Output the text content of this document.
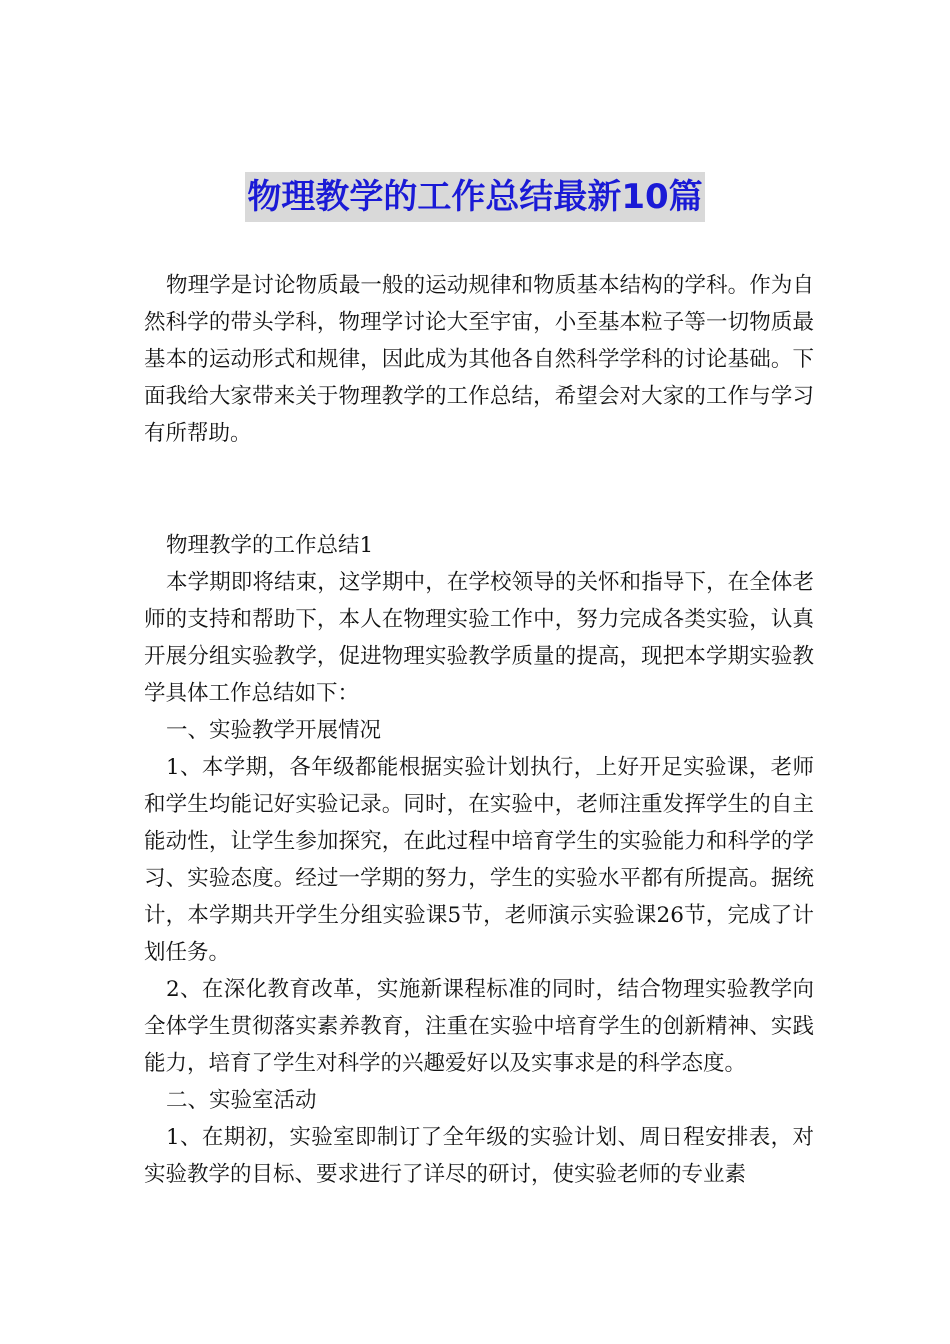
物理教学的工作总结最新10篇

物理学是讨论物质最一般的运动规律和物质基本结构的学科。作为自然科学的带头学科，物理学讨论大至宇宙，小至基本粒子等一切物质最基本的运动形式和规律，因此成为其他各自然科学学科的讨论基础。下面我给大家带来关于物理教学的工作总结，希望会对大家的工作与学习有所帮助。

物理教学的工作总结1

本学期即将结束，这学期中，在学校领导的关怀和指导下，在全体老师的支持和帮助下，本人在物理实验工作中，努力完成各类实验，认真开展分组实验教学，促进物理实验教学质量的提高，现把本学期实验教学具体工作总结如下：

一、实验教学开展情况

1、本学期，各年级都能根据实验计划执行，上好开足实验课，老师和学生均能记好实验记录。同时，在实验中，老师注重发挥学生的自主能动性，让学生参加探究，在此过程中培育学生的实验能力和科学的学习、实验态度。经过一学期的努力，学生的实验水平都有所提高。据统计，本学期共开学生分组实验课5节，老师演示实验课26节，完成了计划任务。

2、在深化教育改革，实施新课程标准的同时，结合物理实验教学向全体学生贯彻落实素养教育，注重在实验中培育学生的创新精神、实践能力，培育了学生对科学的兴趣爱好以及实事求是的科学态度。

二、实验室活动

1、在期初，实验室即制订了全年级的实验计划、周日程安排表，对实验教学的目标、要求进行了详尽的研讨，使实验老师的专业素
